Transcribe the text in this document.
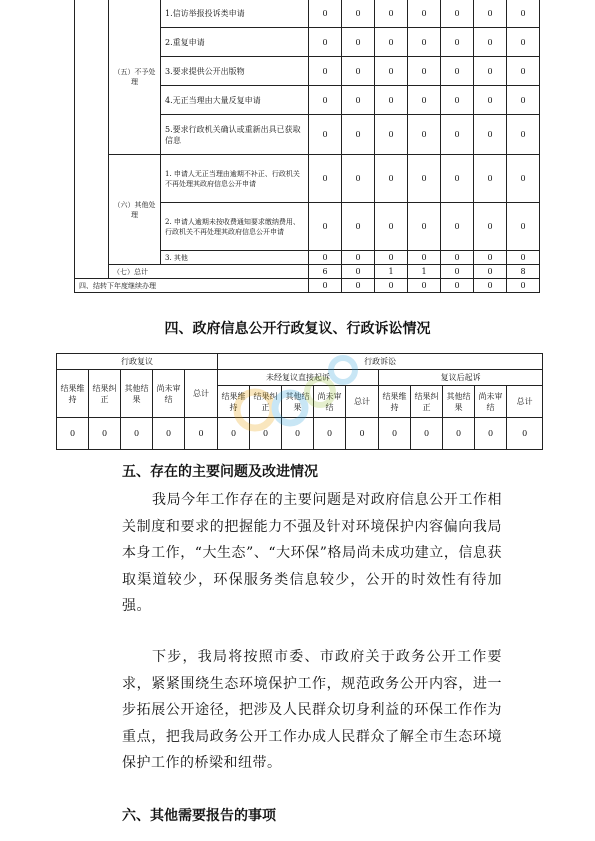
	（五）不予处理	1.信访举报投诉类申请	0	0	0	0	0	0	0
		2.重复申请	0	0	0	0	0	0	0
		3.要求提供公开出版物	0	0	0	0	0	0	0
		4.无正当理由大量反复申请	0	0	0	0	0	0	0
		5.要求行政机关确认或重新出具已获取信息	0	0	0	0	0	0	0
	（六）其他处理	1. 申请人无正当理由逾期不补正、行政机关不再处理其政府信息公开申请	0	0	0	0	0	0	0
		2. 申请人逾期未按收费通知要求缴纳费用、行政机关不再处理其政府信息公开申请	0	0	0	0	0	0	0
		3. 其他	0	0	0	0	0	0	0
	（七）总计		6	0	1	1	0	0	8
四、结转下年度继续办理			0	0	0	0	0	0	0
四、政府信息公开行政复议、行政诉讼情况
行政复议					行政诉讼									
结果维持	结果纠正	其他结果	尚未审结	总计	未经复议直接起诉					复议后起诉				
					结果维持	结果纠正	其他结果	尚未审结	总计	结果维持	结果纠正	其他结果	尚未审结	总计
0	0	0	0	0	0	0	0	0	0	0	0	0	0	0
五、存在的主要问题及改进情况
我局今年工作存在的主要问题是对政府信息公开工作相关制度和要求的把握能力不强及针对环境保护内容偏向我局本身工作，“大生态”、“大环保”格局尚未成功建立，信息获取渠道较少，环保服务类信息较少，公开的时效性有待加强。
下步，我局将按照市委、市政府关于政务公开工作要求，紧紧围绕生态环境保护工作，规范政务公开内容，进一步拓展公开途径，把涉及人民群众切身利益的环保工作作为重点，把我局政务公开工作办成人民群众了解全市生态环境保护工作的桥梁和纽带。
六、其他需要报告的事项
